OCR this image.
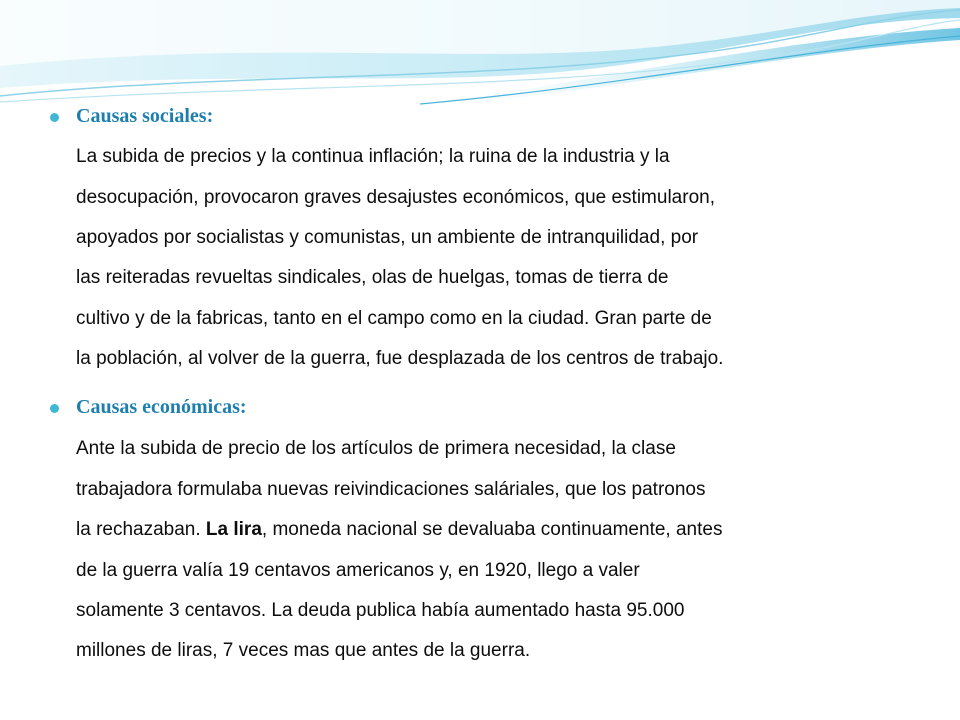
Causas sociales:
La subida de precios y la continua inflación; la ruina de la industria y la
desocupación, provocaron graves desajustes económicos, que estimularon,
apoyados por socialistas y comunistas, un ambiente de intranquilidad, por
las reiteradas revueltas sindicales, olas de huelgas, tomas de tierra de
cultivo y de la fabricas, tanto en el campo como en la ciudad. Gran parte de
la población, al volver de la guerra, fue desplazada de los centros de trabajo.
Causas económicas:
Ante la subida de precio de los artículos de primera necesidad, la clase
trabajadora formulaba nuevas reivindicaciones saláriales, que los patronos
la rechazaban. La lira, moneda nacional se devaluaba continuamente, antes
de la guerra valía 19 centavos americanos y, en 1920, llego a valer
solamente 3 centavos. La deuda publica había aumentado hasta 95.000
millones de liras, 7 veces mas que antes de la guerra.
